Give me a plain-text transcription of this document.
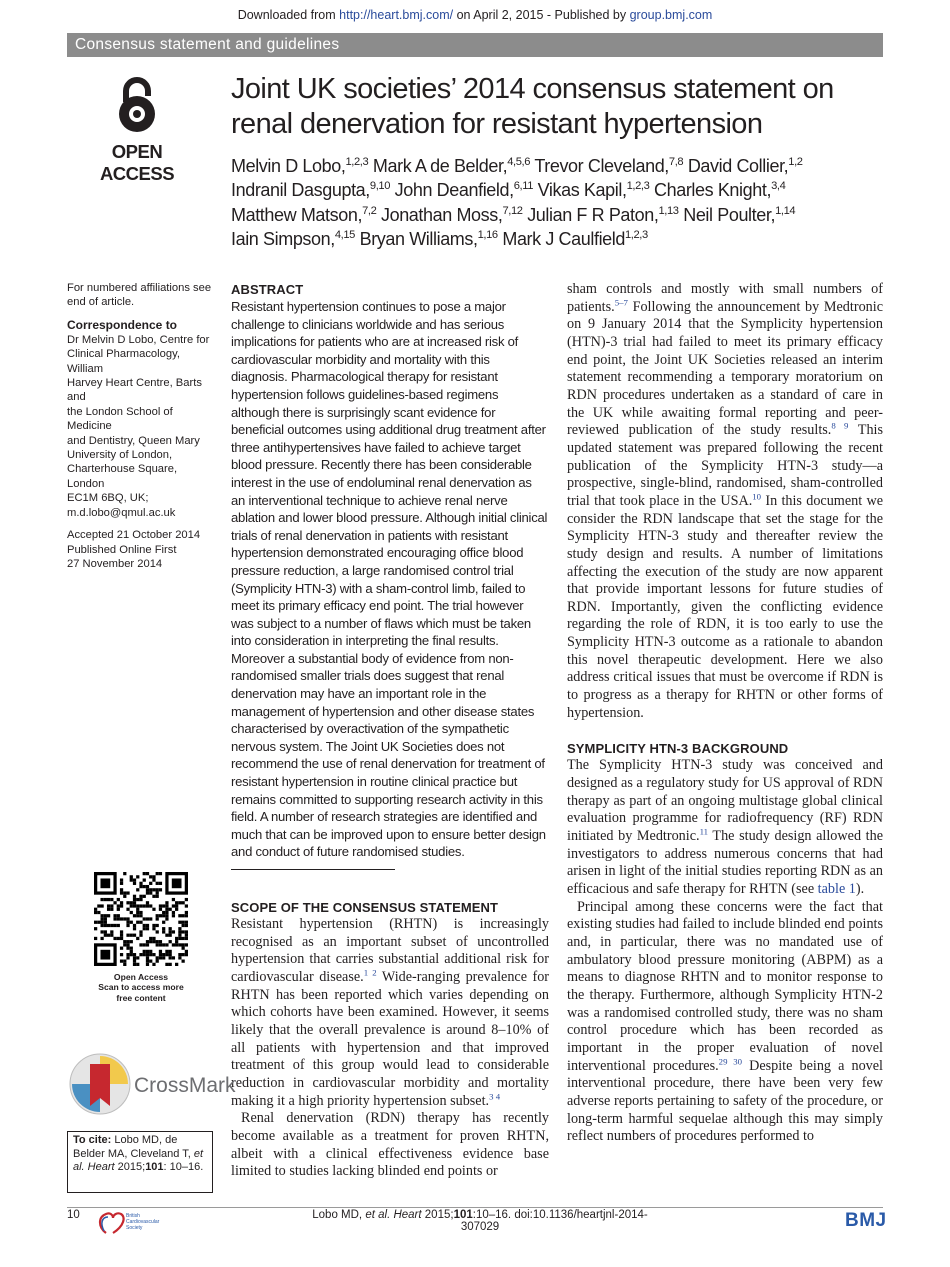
Downloaded from http://heart.bmj.com/ on April 2, 2015 - Published by group.bmj.com
Consensus statement and guidelines
OPEN ACCESS
Joint UK societies’ 2014 consensus statement on
renal denervation for resistant hypertension
Melvin D Lobo,$^{1,2,3}$ Mark A de Belder,$^{4,5,6}$ Trevor Cleveland,$^{7,8}$ David Collier,$^{1,2}$
Indranil Dasgupta,$^{9,10}$ John Deanfield,$^{6,11}$ Vikas Kapil,$^{1,2,3}$ Charles Knight,$^{3,4}$
Matthew Matson,$^{7,2}$ Jonathan Moss,$^{7,12}$ Julian F R Paton,$^{1,13}$ Neil Poulter,$^{1,14}$
Iain Simpson,$^{4,15}$ Bryan Williams,$^{1,16}$ Mark J Caulfield$^{1,2,3}$
For numbered affiliations see end of article.
Correspondence to
Dr Melvin D Lobo, Centre for
Clinical Pharmacology, William
Harvey Heart Centre, Barts and
the London School of Medicine
and Dentistry, Queen Mary
University of London,
Charterhouse Square, London
EC1M 6BQ, UK;
m.d.lobo@qmul.ac.uk
Accepted 21 October 2014
Published Online First
27 November 2014
ABSTRACT

Resistant hypertension continues to pose a major challenge to clinicians worldwide and has serious implications for patients who are at increased risk of cardiovascular morbidity and mortality with this diagnosis. Pharmacological therapy for resistant hypertension follows guidelines-based regimens although there is surprisingly scant evidence for beneficial outcomes using additional drug treatment after three antihypertensives have failed to achieve target blood pressure. Recently there has been considerable interest in the use of endoluminal renal denervation as an interventional technique to achieve renal nerve ablation and lower blood pressure. Although initial clinical trials of renal denervation in patients with resistant hypertension demonstrated encouraging office blood pressure reduction, a large randomised control trial (Symplicity HTN-3) with a sham-control limb, failed to meet its primary efficacy end point. The trial however was subject to a number of flaws which must be taken into consideration in interpreting the final results. Moreover a substantial body of evidence from non-randomised smaller trials does suggest that renal denervation may have an important role in the management of hypertension and other disease states characterised by overactivation of the sympathetic nervous system. The Joint UK Societies does not recommend the use of renal denervation for treatment of resistant hypertension in routine clinical practice but remains committed to supporting research activity in this field. A number of research strategies are identified and much that can be improved upon to ensure better design and conduct of future randomised studies.

SCOPE OF THE CONSENSUS STATEMENT

Resistant hypertension (RHTN) is increasingly recognised as an important subset of uncontrolled hypertension that carries substantial additional risk for cardiovascular disease.$^{1 2}$ Wide-ranging prevalence for RHTN has been reported which varies depending on which cohorts have been examined. However, it seems likely that the overall prevalence is around 8–10% of all patients with hypertension and that improved treatment of this group would lead to considerable reduction in cardiovascular morbidity and mortality making it a high priority hypertension subset.$^{3 4}$

Renal denervation (RDN) therapy has recently become available as a treatment for proven RHTN, albeit with a clinical effectiveness evidence base limited to studies lacking blinded end points or

sham controls and mostly with small numbers of patients.$^{5-7}$ Following the announcement by Medtronic on 9 January 2014 that the Symplicity hypertension (HTN)-3 trial had failed to meet its primary efficacy end point, the Joint UK Societies released an interim statement recommending a temporary moratorium on RDN procedures undertaken as a standard of care in the UK while awaiting formal reporting and peer-reviewed publication of the study results.$^{8 9}$ This updated statement was prepared following the recent publication of the Symplicity HTN-3 study—a prospective, single-blind, randomised, sham-controlled trial that took place in the USA.$^{10}$ In this document we consider the RDN landscape that set the stage for the Symplicity HTN-3 study and thereafter review the study design and results. A number of limitations affecting the execution of the study are now apparent that provide important lessons for future studies of RDN. Importantly, given the conflicting evidence regarding the role of RDN, it is too early to use the Symplicity HTN-3 outcome as a rationale to abandon this novel therapeutic development. Here we also address critical issues that must be overcome if RDN is to progress as a therapy for RHTN or other forms of hypertension.

SYMPLICITY HTN-3 BACKGROUND

The Symplicity HTN-3 study was conceived and designed as a regulatory study for US approval of RDN therapy as part of an ongoing multistage global clinical evaluation programme for radiofrequency (RF) RDN initiated by Medtronic.$^{11}$ The study design allowed the investigators to address numerous concerns that had arisen in light of the initial studies reporting RDN as an efficacious and safe therapy for RHTN (see table 1).

Principal among these concerns were the fact that existing studies had failed to include blinded end points and, in particular, there was no mandated use of ambulatory blood pressure monitoring (ABPM) as a means to diagnose RHTN and to monitor response to the therapy. Furthermore, although Symplicity HTN-2 was a randomised controlled study, there was no sham control procedure which has been recorded as important in the proper evaluation of novel interventional procedures.$^{29 30}$ Despite being a novel interventional procedure, there have been very few adverse reports pertaining to safety of the procedure, or long-term harmful sequelae although this may simply reflect numbers of procedures performed to

Open Access
Scan to access more
free content
CrossMark
To cite: Lobo MD, de Belder MA, Cleveland T, et al. Heart 2015;101: 10–16.
10	British
Cardiovascular
Society
Lobo MD, et al. Heart 2015;101:10–16. doi:10.1136/heartjnl-2014-307029	BMJ
